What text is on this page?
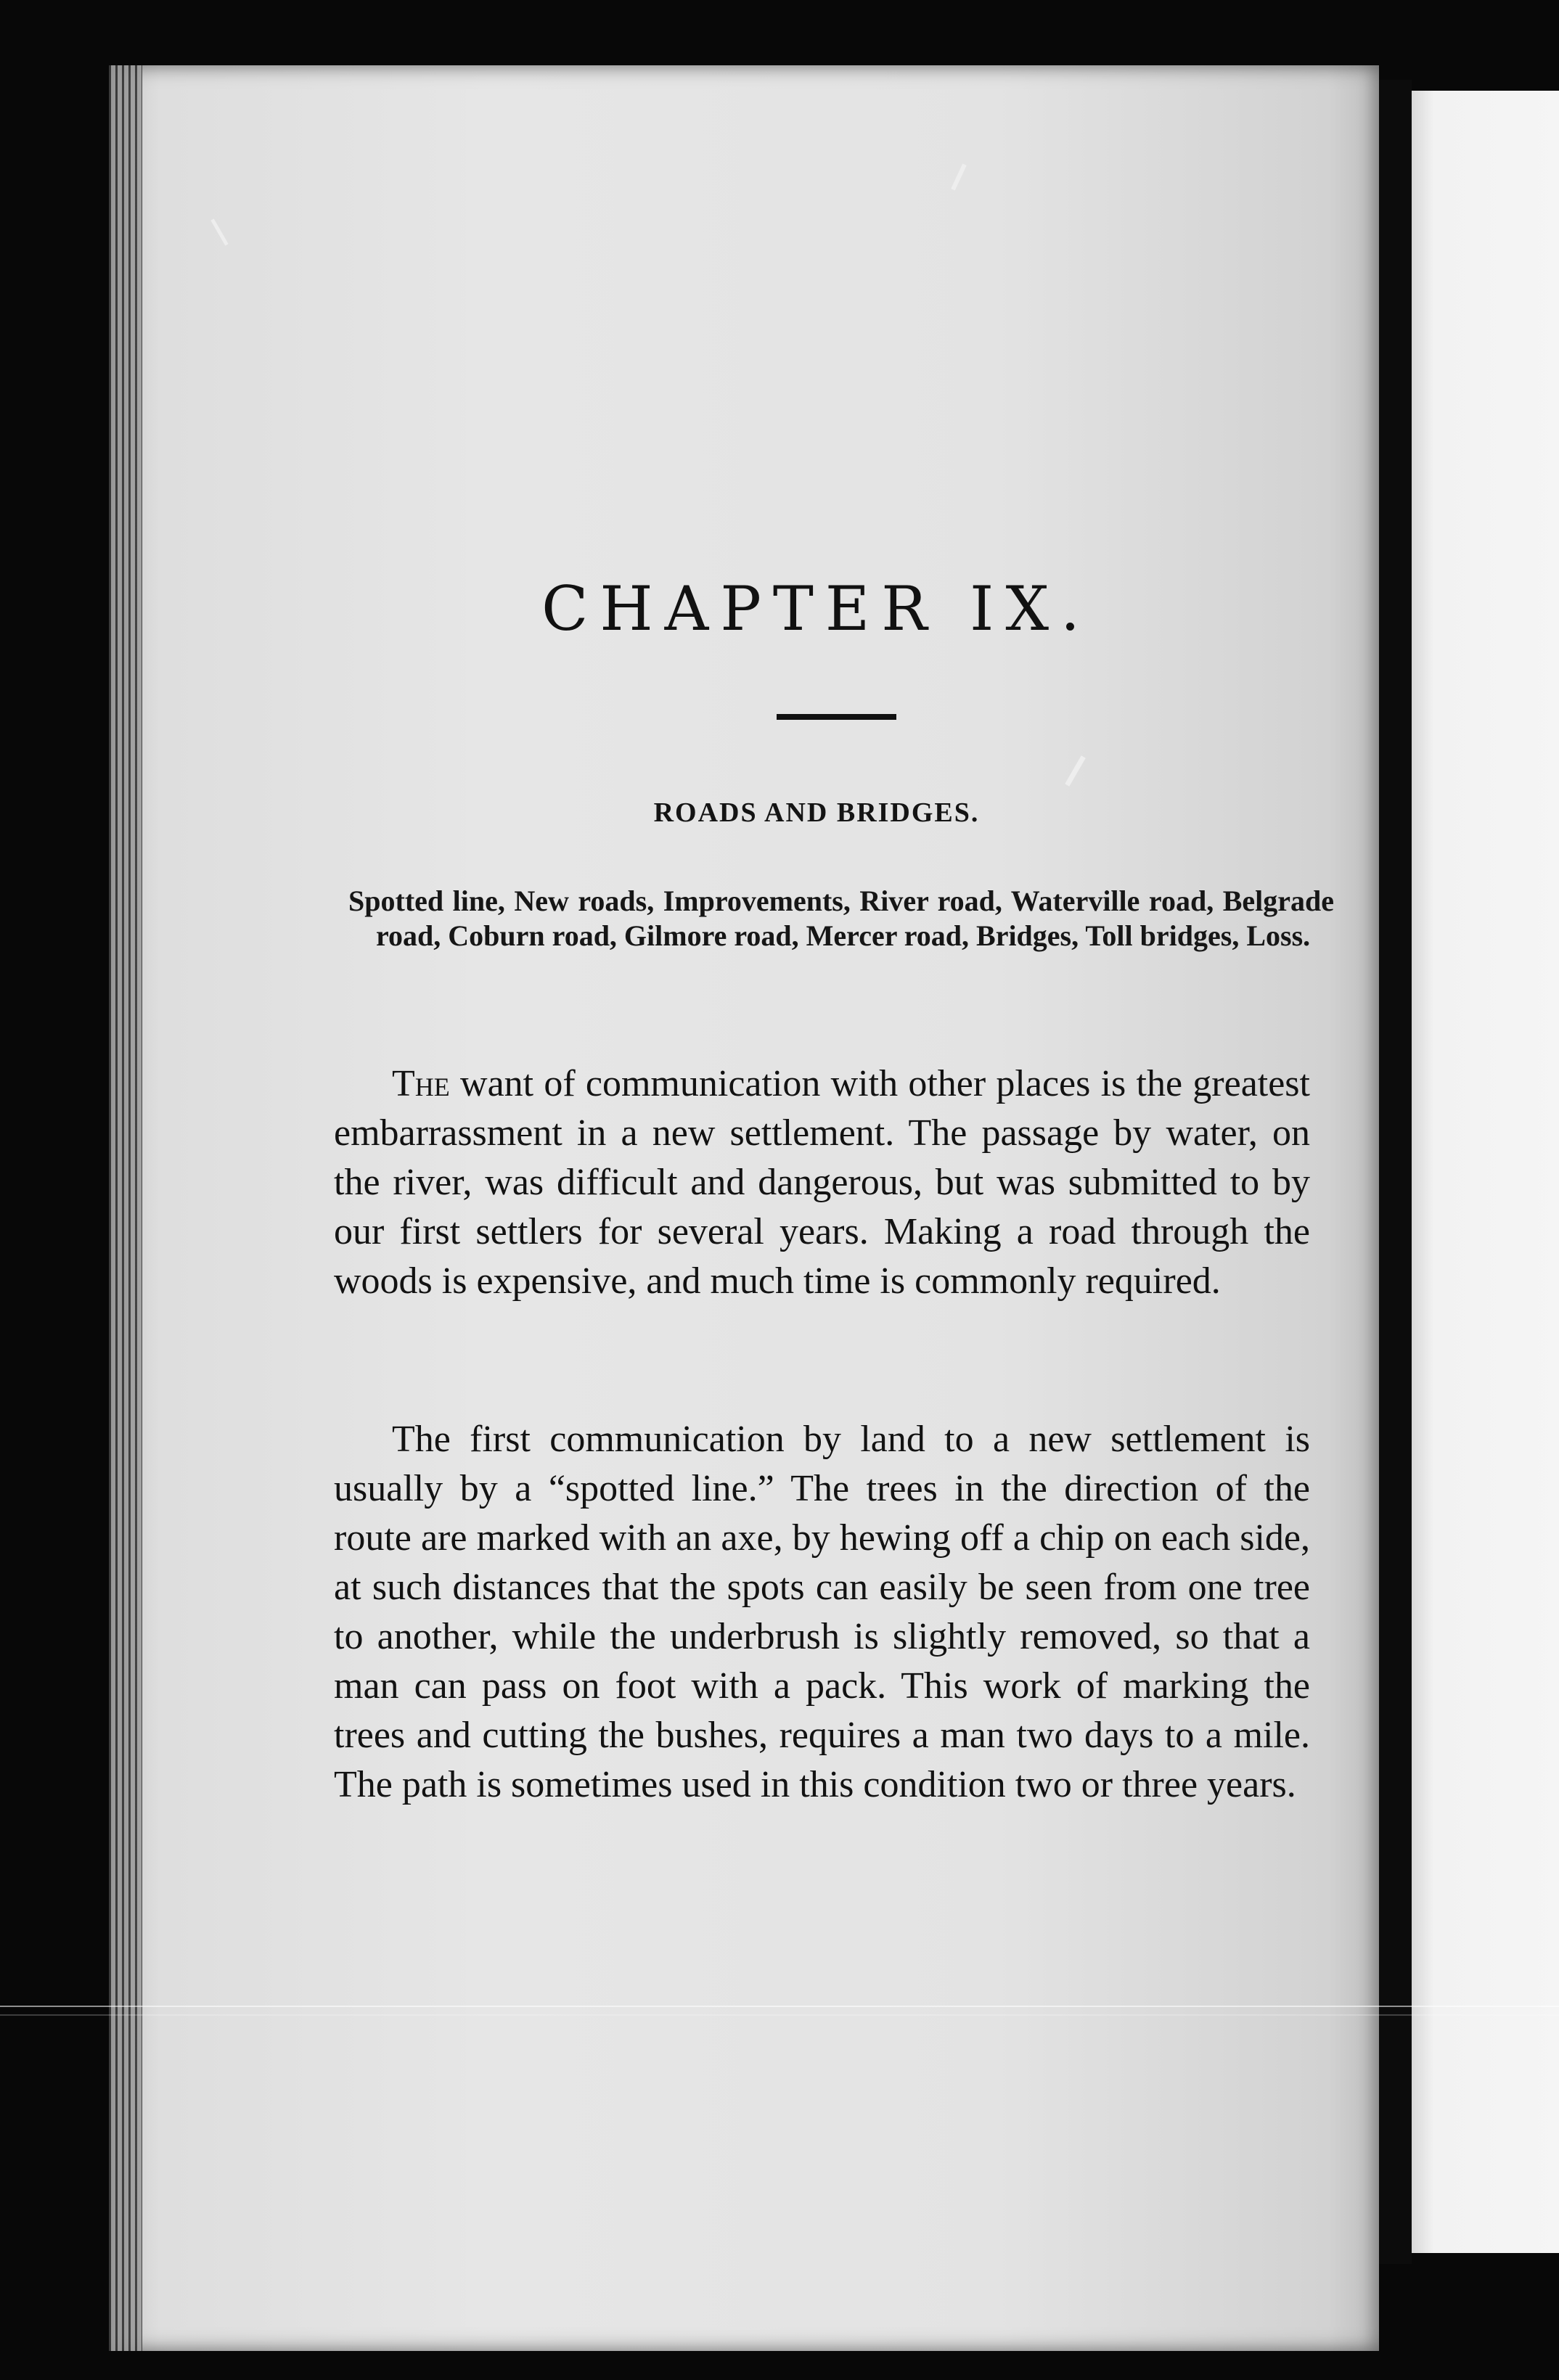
CHAPTER IX.
ROADS AND BRIDGES.
Spotted line, New roads, Improvements, River road, Waterville road, Belgrade road, Coburn road, Gilmore road, Mercer road, Bridges, Toll bridges, Loss.
The want of communication with other places is the greatest embarrassment in a new settlement. The passage by water, on the river, was difficult and dangerous, but was submitted to by our first settlers for several years. Making a road through the woods is expensive, and much time is commonly required.
The first communication by land to a new settlement is usually by a “spotted line.” The trees in the direction of the route are marked with an axe, by hewing off a chip on each side, at such distances that the spots can easily be seen from one tree to another, while the underbrush is slightly removed, so that a man can pass on foot with a pack. This work of marking the trees and cutting the bushes, requires a man two days to a mile. The path is sometimes used in this condition two or three years.
